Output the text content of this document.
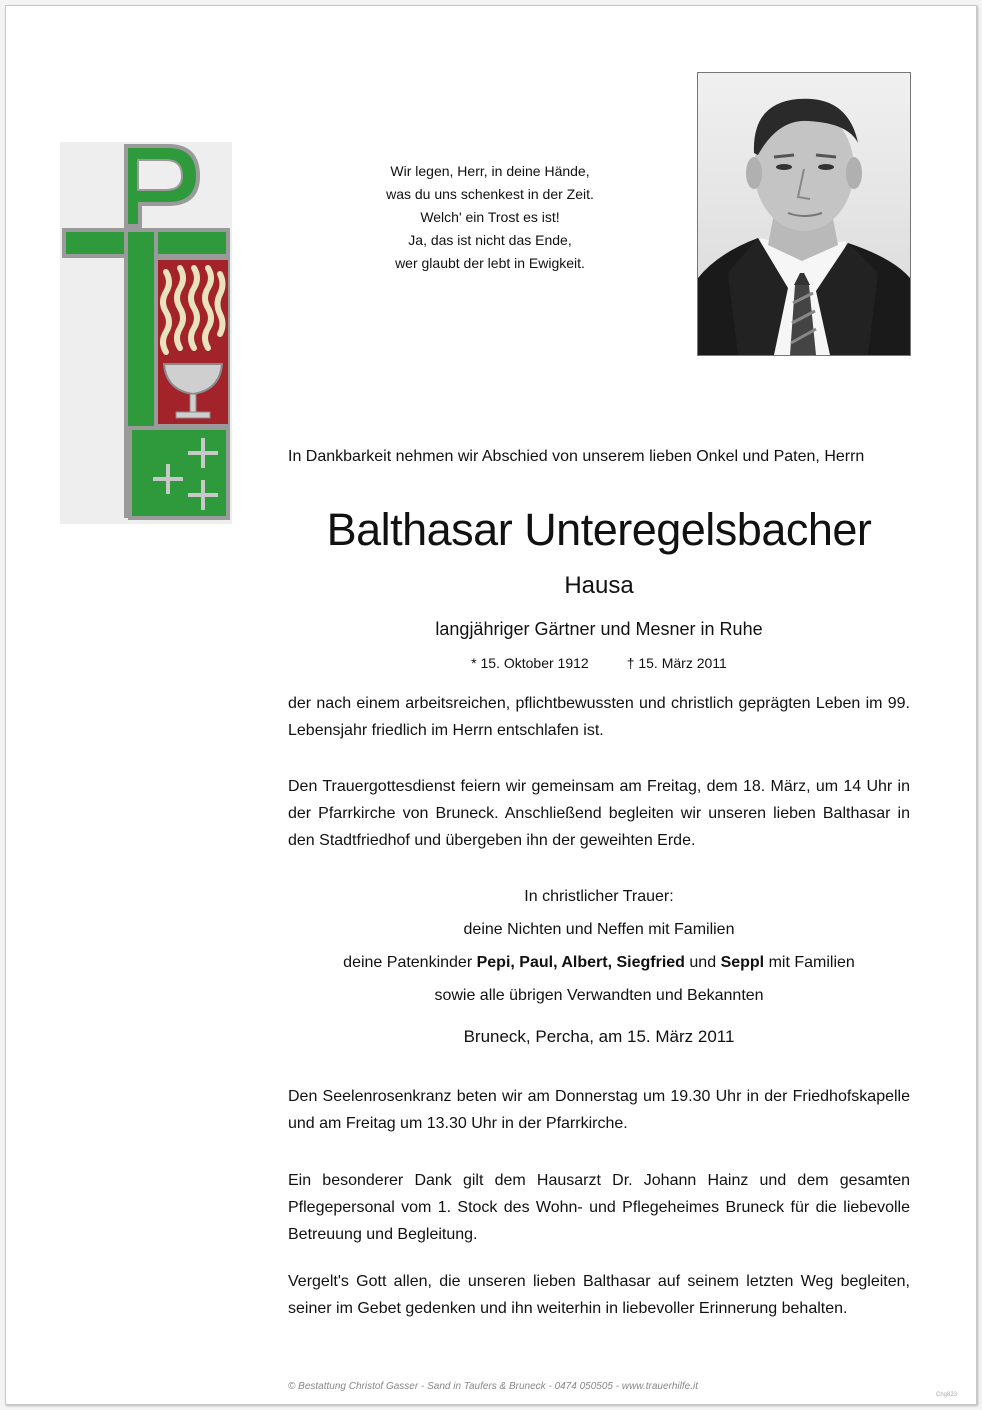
Wir legen, Herr, in deine Hände,
was du uns schenkest in der Zeit.
Welch' ein Trost es ist!
Ja, das ist nicht das Ende,
wer glaubt der lebt in Ewigkeit.
In Dankbarkeit nehmen wir Abschied von unserem lieben Onkel und Paten, Herrn
Balthasar Unteregelsbacher
Hausa
langjähriger Gärtner und Mesner in Ruhe
* 15. Oktober 1912	† 15. März 2011
der nach einem arbeitsreichen, pflichtbewussten und christlich geprägten Leben im 99. Lebensjahr friedlich im Herrn entschlafen ist.
Den Trauergottesdienst feiern wir gemeinsam am Freitag, dem 18. März, um 14 Uhr in der Pfarrkirche von Bruneck. Anschließend begleiten wir unseren lieben Balthasar in den Stadtfriedhof und übergeben ihn der geweihten Erde.
In christlicher Trauer:
deine Nichten und Neffen mit Familien
deine Patenkinder Pepi, Paul, Albert, Siegfried und Seppl mit Familien
sowie alle übrigen Verwandten und Bekannten
Bruneck, Percha, am 15. März 2011
Den Seelenrosenkranz beten wir am Donnerstag um 19.30 Uhr in der Friedhofskapelle und am Freitag um 13.30 Uhr in der Pfarrkirche.
Ein besonderer Dank gilt dem Hausarzt Dr. Johann Hainz und dem gesamten Pflegepersonal vom 1. Stock des Wohn- und Pflegeheimes Bruneck für die liebevolle Betreuung und Begleitung.
Vergelt's Gott allen, die unseren lieben Balthasar auf seinem letzten Weg begleiten, seiner im Gebet gedenken und ihn weiterhin in liebevoller Erinnerung behalten.
© Bestattung Christof Gasser - Sand in Taufers & Bruneck - 0474 050505 - www.trauerhilfe.it
Chg823
